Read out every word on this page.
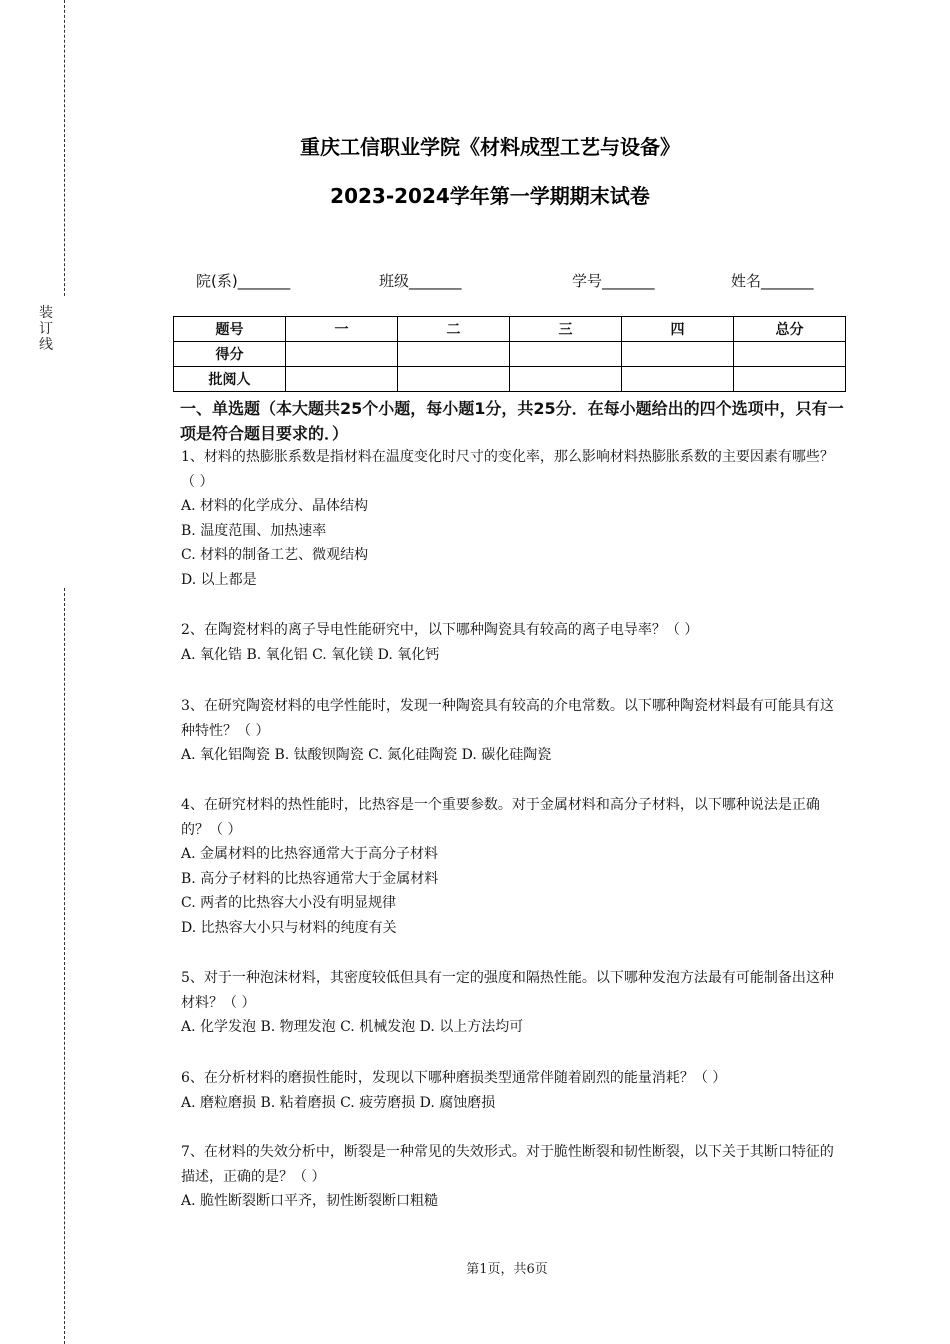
装
订
线
重庆工信职业学院《材料成型工艺与设备》
2023-2024学年第一学期期末试卷
院(系)_______	班级_______	学号_______	姓名_______
题号	一	二	三	四	总分
得分					
批阅人					

一、单选题（本大题共25个小题，每小题1分，共25分．在每小题给出的四个选项中，只有一项是符合题目要求的．）

1、材料的热膨胀系数是指材料在温度变化时尺寸的变化率，那么影响材料热膨胀系数的主要因素有哪些？（ ）

A. 材料的化学成分、晶体结构

B. 温度范围、加热速率

C. 材料的制备工艺、微观结构

D. 以上都是

2、在陶瓷材料的离子导电性能研究中，以下哪种陶瓷具有较高的离子电导率？（ ）

A. 氧化锆 B. 氧化铝 C. 氧化镁 D. 氧化钙

3、在研究陶瓷材料的电学性能时，发现一种陶瓷具有较高的介电常数。以下哪种陶瓷材料最有可能具有这种特性？（ ）

A. 氧化铝陶瓷 B. 钛酸钡陶瓷 C. 氮化硅陶瓷 D. 碳化硅陶瓷

4、在研究材料的热性能时，比热容是一个重要参数。对于金属材料和高分子材料，以下哪种说法是正确的？（ ）

A. 金属材料的比热容通常大于高分子材料

B. 高分子材料的比热容通常大于金属材料

C. 两者的比热容大小没有明显规律

D. 比热容大小只与材料的纯度有关

5、对于一种泡沫材料，其密度较低但具有一定的强度和隔热性能。以下哪种发泡方法最有可能制备出这种材料？（ ）

A. 化学发泡 B. 物理发泡 C. 机械发泡 D. 以上方法均可

6、在分析材料的磨损性能时，发现以下哪种磨损类型通常伴随着剧烈的能量消耗？（ ）

A. 磨粒磨损 B. 粘着磨损 C. 疲劳磨损 D. 腐蚀磨损

7、在材料的失效分析中，断裂是一种常见的失效形式。对于脆性断裂和韧性断裂，以下关于其断口特征的描述，正确的是？（ ）

A. 脆性断裂断口平齐，韧性断裂断口粗糙

第1页，共6页
